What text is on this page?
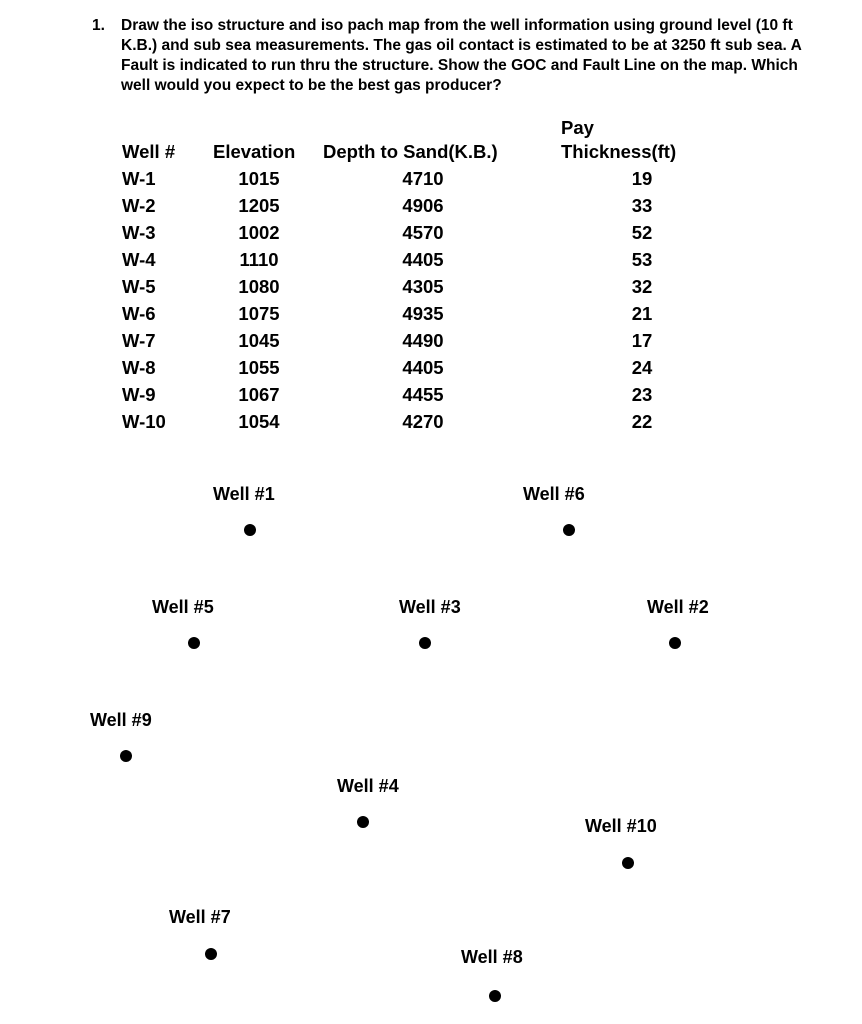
1. Draw the iso structure and iso pach map from the well information using ground level (10 ft K.B.) and sub sea measurements. The gas oil contact is estimated to be at 3250 ft sub sea. A Fault is indicated to run thru the structure. Show the GOC and Fault Line on the map. Which well would you expect to be the best gas producer?
Well # Elevation Depth to Sand(K.B.)
Pay
Thickness(ft)
W-1	1015	4710	19
W-2	1205	4906	33
W-3	1002	4570	52
W-4	1110	4405	53
W-5	1080	4305	32
W-6	1075	4935	21
W-7	1045	4490	17
W-8	1055	4405	24
W-9	1067	4455	23
W-10	1054	4270	22
Well #1	Well #6
Well #5	Well #3	Well #2
Well #9
Well #4
Well #10
Well #7
Well #8
